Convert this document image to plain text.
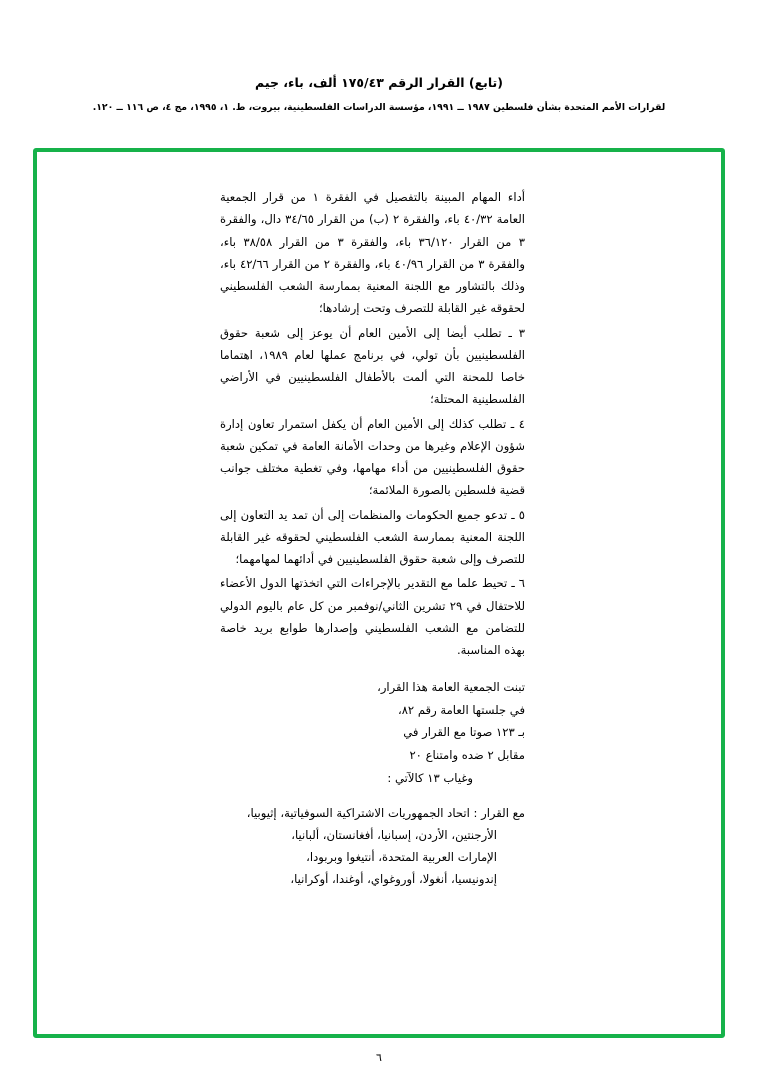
(تابع) القرار الرقم ١٧٥/٤٣ ألف، باء، جيم
لقرارات الأمم المتحدة بشأن فلسطين ١٩٨٧ ــ ١٩٩١، مؤسسة الدراسات الفلسطينية، بيروت، ط. ١، ١٩٩٥، مج ٤، ص ١١٦ ــ ١٢٠.

أداء المهام المبينة بالتفصيل في الفقرة ١ من قرار الجمعية العامة ٤٠/٣٢ باء، والفقرة ٢ (ب) من القرار ٣٤/٦٥ دال، والفقرة ٣ من القرار ٣٦/١٢٠ باء، والفقرة ٣ من القرار ٣٨/٥٨ باء، والفقرة ٣ من القرار ٤٠/٩٦ باء، والفقرة ٢ من القرار ٤٢/٦٦ باء، وذلك بالتشاور مع اللجنة المعنية بممارسة الشعب الفلسطيني لحقوقه غير القابلة للتصرف وتحت إرشادها؛

٣ ـ تطلب أيضا إلى الأمين العام أن يوعز إلى شعبة حقوق الفلسطينيين بأن تولي، في برنامج عملها لعام ١٩٨٩، اهتماما خاصا للمحنة التي ألمت بالأطفال الفلسطينيين في الأراضي الفلسطينية المحتلة؛

٤ ـ تطلب كذلك إلى الأمين العام أن يكفل استمرار تعاون إدارة شؤون الإعلام وغيرها من وحدات الأمانة العامة في تمكين شعبة حقوق الفلسطينيين من أداء مهامها، وفي تغطية مختلف جوانب قضية فلسطين بالصورة الملائمة؛

٥ ـ تدعو جميع الحكومات والمنظمات إلى أن تمد يد التعاون إلى اللجنة المعنية بممارسة الشعب الفلسطيني لحقوقه غير القابلة للتصرف وإلى شعبة حقوق الفلسطينيين في أدائهما لمهامهما؛

٦ ـ تحيط علما مع التقدير بالإجراءات التي اتخذتها الدول الأعضاء للاحتفال في ٢٩ تشرين الثاني/نوفمبر من كل عام باليوم الدولي للتضامن مع الشعب الفلسطيني وإصدارها طوابع بريد خاصة بهذه المناسبة.

تبنت الجمعية العامة هذا القرار،
في جلستها العامة رقم ٨٢،
بـ ١٢٣ صوتا مع القرار في
مقابل ٢ ضده وامتناع ٢٠
وغياب ١٣ كالآتي :
مع القرار : اتحاد الجمهوريات الاشتراكية السوفياتية، إثيوبيا،
الأرجنتين، الأردن، إسبانيا، أفغانستان، ألبانيا،
الإمارات العربية المتحدة، أنتيغوا وبربودا،
إندونيسيا، أنغولا، أوروغواي، أوغندا، أوكرانيا،
٦
